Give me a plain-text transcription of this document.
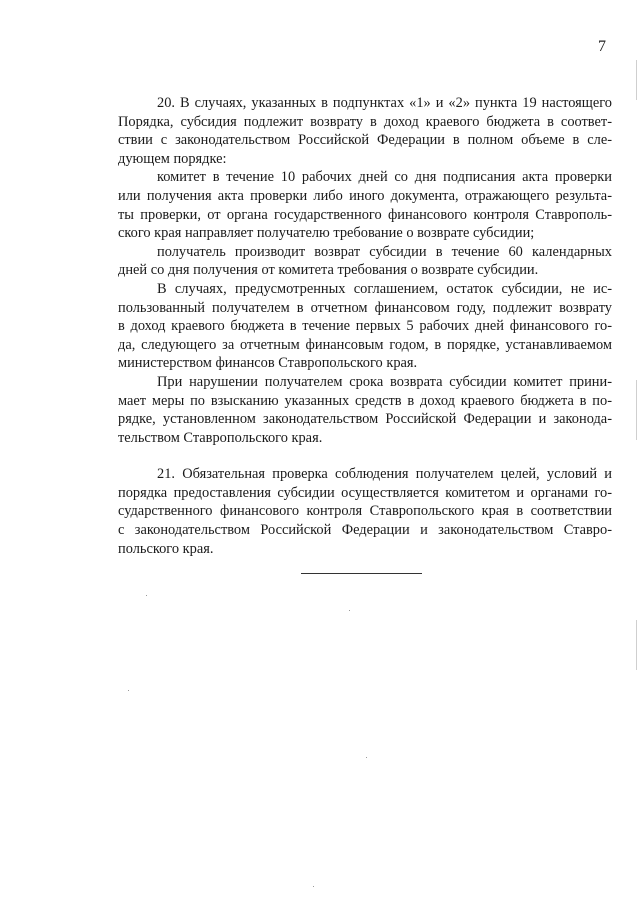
7
20. В случаях, указанных в подпунктах «1» и «2» пункта 19 настоящего
Порядка, субсидия подлежит возврату в доход краевого бюджета в соответ-
ствии с законодательством Российской Федерации в полном объеме в сле-
дующем порядке:
комитет в течение 10 рабочих дней со дня подписания акта проверки
или получения акта проверки либо иного документа, отражающего результа-
ты проверки, от органа государственного финансового контроля Ставрополь-
ского края направляет получателю требование о возврате субсидии;
получатель производит возврат субсидии в течение 60 календарных
дней со дня получения от комитета требования о возврате субсидии.
В случаях, предусмотренных соглашением, остаток субсидии, не ис-
пользованный получателем в отчетном финансовом году, подлежит возврату
в доход краевого бюджета в течение первых 5 рабочих дней финансового го-
да, следующего за отчетным финансовым годом, в порядке, устанавливаемом
министерством финансов Ставропольского края.
При нарушении получателем срока возврата субсидии комитет прини-
мает меры по взысканию указанных средств в доход краевого бюджета в по-
рядке, установленном законодательством Российской Федерации и законода-
тельством Ставропольского края.
21. Обязательная проверка соблюдения получателем целей, условий и
порядка предоставления субсидии осуществляется комитетом и органами го-
сударственного финансового контроля Ставропольского края в соответствии
с законодательством Российской Федерации и законодательством Ставро-
польского края.
